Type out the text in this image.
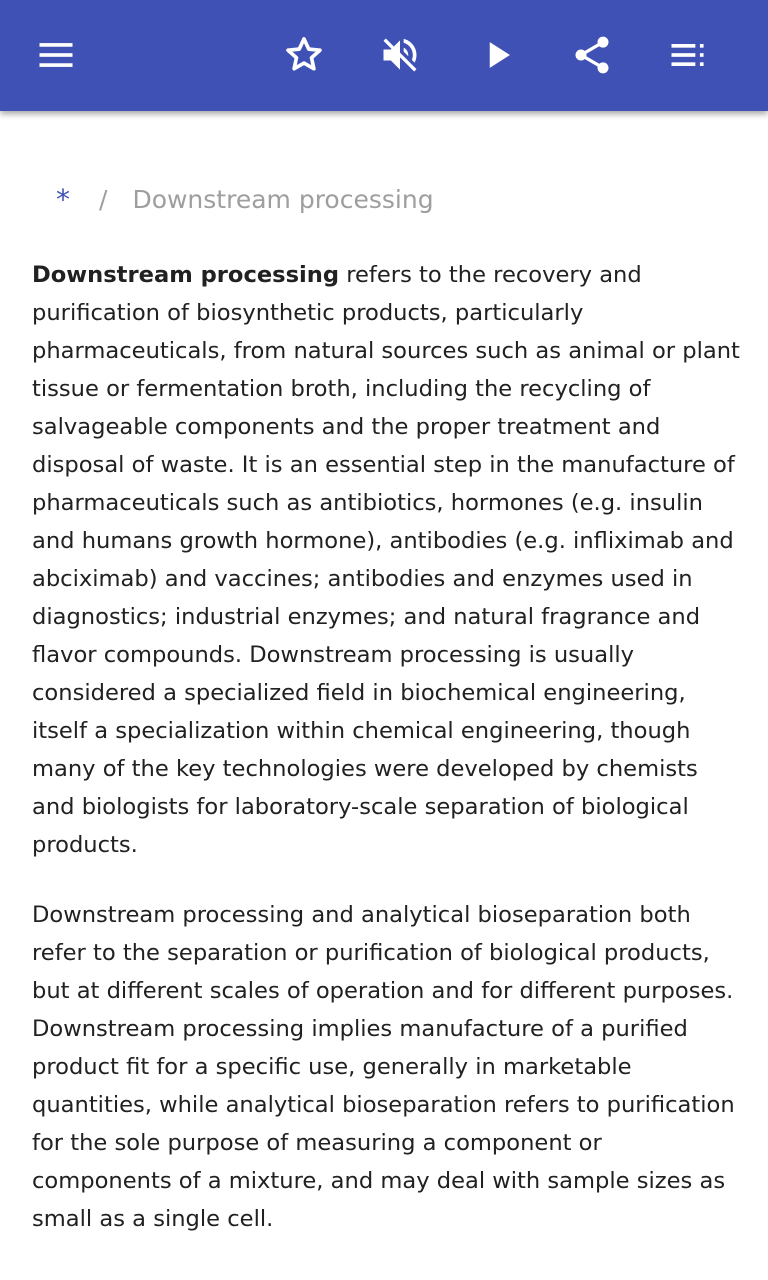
* / Downstream processing

Downstream processing refers to the recovery and purification of biosynthetic products, particularly pharmaceuticals, from natural sources such as animal or plant tissue or fermentation broth, including the recycling of salvageable components and the proper treatment and disposal of waste. It is an essential step in the manufacture of pharmaceuticals such as antibiotics, hormones (e.g. insulin and humans growth hormone), antibodies (e.g. infliximab and abciximab) and vaccines; antibodies and enzymes used in diagnostics; industrial enzymes; and natural fragrance and flavor compounds. Downstream processing is usually considered a specialized field in biochemical engineering, itself a specialization within chemical engineering, though many of the key technologies were developed by chemists and biologists for laboratory-scale separation of biological products.

Downstream processing and analytical bioseparation both refer to the separation or purification of biological products, but at different scales of operation and for different purposes. Downstream processing implies manufacture of a purified product fit for a specific use, generally in marketable quantities, while analytical bioseparation refers to purification for the sole purpose of measuring a component or components of a mixture, and may deal with sample sizes as small as a single cell.
